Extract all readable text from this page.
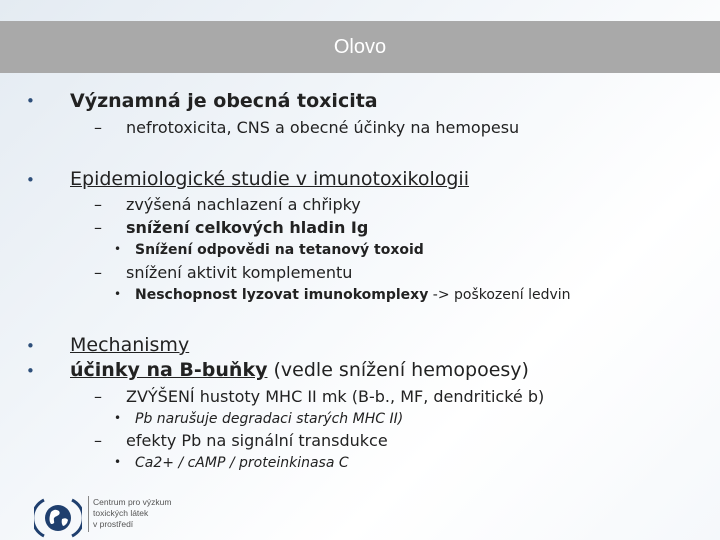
Olovo
• Významná je obecná toxicita
– nefrotoxicita, CNS a obecné účinky na hemopesu
• Epidemiologické studie v imunotoxikologii
– zvýšená nachlazení a chřipky
– snížení celkových hladin Ig
• Snížení odpovědi na tetanový toxoid
– snížení aktivit komplementu
• Neschopnost lyzovat imunokomplexy -> poškození ledvin
• Mechanismy
• účinky na B-buňky (vedle snížení hemopoesy)
– ZVÝŠENÍ hustoty MHC II mk (B-b., MF, dendritické b)
• Pb narušuje degradaci starých MHC II)
– efekty Pb na signální transdukce
• Ca2+ / cAMP / proteinkinasa C
Centrum pro výzkum
toxických látek
v prostředí
